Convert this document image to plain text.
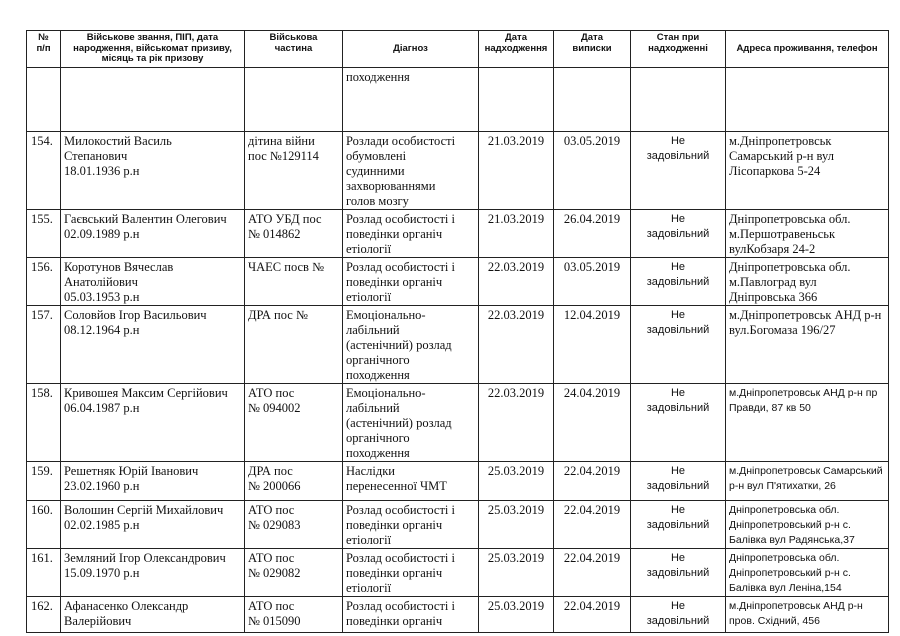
№
п/п	Військове звання, ПІП, дата
народження, військомат призиву,
місяць та рік призову	Військова
частина	Діагноз	Дата
надходження	Дата
виписки	Стан при
надходженні	Адреса проживання, телефон

			походження				

154.	Милокостий Василь
Степанович
18.01.1936 р.н	дітина війни
пос №129114	Розлади особистості
обумовлені
судинними
захворюваннями
голов мозгу	21.03.2019	03.05.2019	Не
задовільний	м.Дніпропетровськ
Самарський р-н вул
Лісопаркова 5-24

155.	Гаєвський Валентин Олегович
02.09.1989 р.н	АТО УБД пос
№ 014862	Розлад особистості і
поведінки органіч
етіології	21.03.2019	26.04.2019	Не
задовільний	Дніпропетровська обл.
м.Першотравеньськ
вулКобзаря 24-2

156.	Коротунов Вячеслав
Анатолійович
05.03.1953 р.н	ЧАЕС посв №	Розлад особистості і
поведінки органіч
етіології	22.03.2019	03.05.2019	Не
задовільний	Дніпропетровська обл.
м.Павлоград вул
Дніпровська 366

157.	Соловйов Ігор Васильович
08.12.1964 р.н	ДРА пос №	Емоціонально-
лабільний
(астенічний) розлад
органічного
походження	22.03.2019	12.04.2019	Не
задовільний	м.Дніпропетровськ АНД р-н
вул.Богомаза 196/27

158.	Кривошея Максим Сергійович
06.04.1987 р.н	АТО пос
№ 094002	Емоціонально-
лабільний
(астенічний) розлад
органічного
походження	22.03.2019	24.04.2019	Не
задовільний	м.Дніпропетровськ АНД р-н пр
Правди, 87 кв 50

159.	Решетняк Юрій Іванович
23.02.1960 р.н	ДРА пос
№ 200066	Наслідки
перенесенної ЧМТ	25.03.2019	22.04.2019	Не
задовільний	м.Дніпропетровськ Самарський
р-н вул П'ятихатки, 26

160.	Волошин Сергій Михайлович
02.02.1985 р.н	АТО пос
№ 029083	Розлад особистості і
поведінки органіч
етіології	25.03.2019	22.04.2019	Не
задовільний	Дніпропетровська обл.
Дніпропетровський р-н с.
Балівка вул Радянська,37

161.	Земляний Ігор Олександрович
15.09.1970 р.н	АТО пос
№ 029082	Розлад особистості і
поведінки органіч
етіології	25.03.2019	22.04.2019	Не
задовільний	Дніпропетровська обл.
Дніпропетровський р-н с.
Балівка вул Леніна,154

162.	Афанасенко Олександр
Валерійович	АТО пос
№ 015090	Розлад особистості і
поведінки органіч	25.03.2019	22.04.2019	Не
задовільний	м.Дніпропетровськ АНД р-н
пров. Східний, 456
